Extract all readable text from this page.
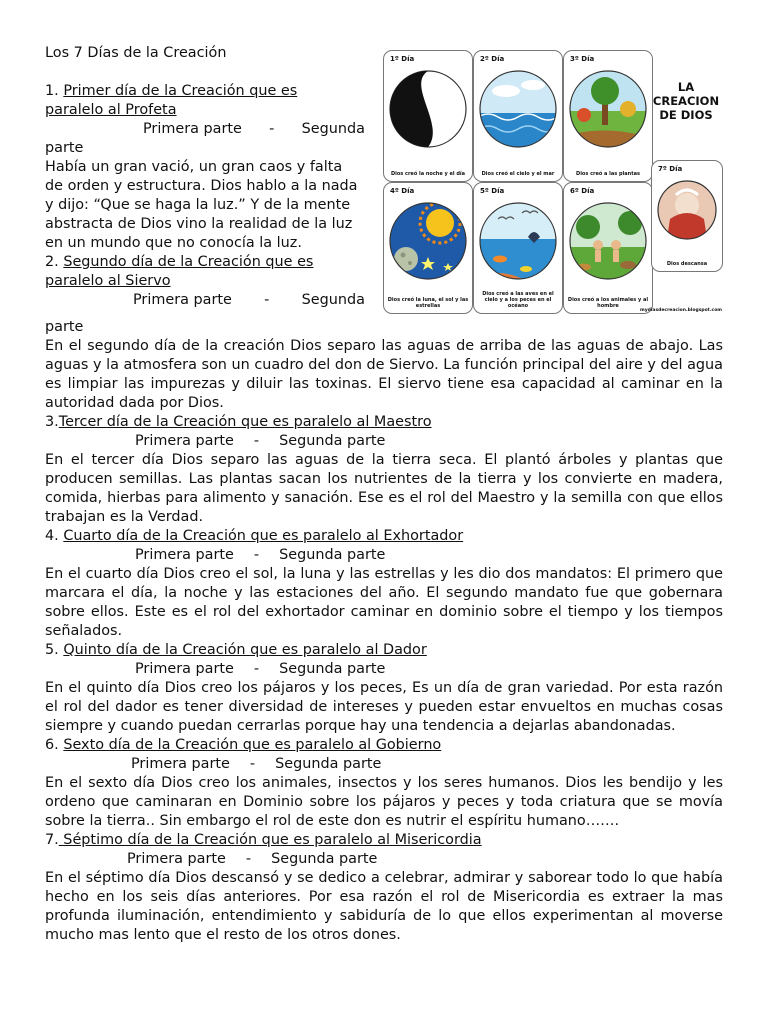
Los 7 Días de la Creación

1. Primer día de la Creación que es

paralelo al Profeta

Primera parte - Segunda

parte

Había un gran vació, un gran caos y falta

de orden y estructura. Dios hablo a la nada

y dijo: “Que se haga la luz.” Y de la mente

abstracta de Dios vino la realidad de la luz

en un mundo que no conocía la luz.

2. Segundo día de la Creación que es

paralelo al Siervo

Primera parte - Segunda
1º Día
Dios creó la noche y el día
2º Día
Dios creó el cielo y el mar
3º Día
Dios creó a las plantas
LA
CREACION
DE DIOS
4º Día
Dios creó la luna, el sol y las estrellas
5º Día
Dios creó a las aves en el cielo y a los peces en el océano
6º Día
Dios creó a los animales y al hombre
7º Día
Dios descansa
mydiasdecreacion.blogspot.com

parte

En el segundo día de la creación Dios separo las aguas de arriba de las aguas de abajo. Las aguas y la atmosfera son un cuadro del don de Siervo. La función principal del aire y del agua es limpiar las impurezas y diluir las toxinas. El siervo tiene esa capacidad al caminar en la autoridad dada por Dios.

3.Tercer día de la Creación que es paralelo al Maestro

Primera parte - Segunda parte

En el tercer día Dios separo las aguas de la tierra seca. El plantó árboles y plantas que producen semillas. Las plantas sacan los nutrientes de la tierra y los convierte en madera, comida, hierbas para alimento y sanación. Ese es el rol del Maestro y la semilla con que ellos trabajan es la Verdad.

4. Cuarto día de la Creación que es paralelo al Exhortador

Primera parte - Segunda parte

En el cuarto día Dios creo el sol, la luna y las estrellas y les dio dos mandatos: El primero que marcara el día, la noche y las estaciones del año. El segundo mandato fue que gobernara sobre ellos. Este es el rol del exhortador caminar en dominio sobre el tiempo y los tiempos señalados.

5. Quinto día de la Creación que es paralelo al Dador

Primera parte - Segunda parte

En el quinto día Dios creo los pájaros y los peces, Es un día de gran variedad. Por esta razón el rol del dador es tener diversidad de intereses y pueden estar envueltos en muchas cosas siempre y cuando puedan cerrarlas porque hay una tendencia a dejarlas abandonadas.

6. Sexto día de la Creación que es paralelo al Gobierno

Primera parte - Segunda parte

En el sexto día Dios creo los animales, insectos y los seres humanos. Dios les bendijo y les ordeno que caminaran en Dominio sobre los pájaros y peces y toda criatura que se movía sobre la tierra.. Sin embargo el rol de este don es nutrir el espíritu humano…….

7. Séptimo día de la Creación que es paralelo al Misericordia

Primera parte - Segunda parte

En el séptimo día Dios descansó y se dedico a celebrar, admirar y saborear todo lo que había hecho en los seis días anteriores. Por esa razón el rol de Misericordia es extraer la mas profunda iluminación, entendimiento y sabiduría de lo que ellos experimentan al moverse mucho mas lento que el resto de los otros dones.
